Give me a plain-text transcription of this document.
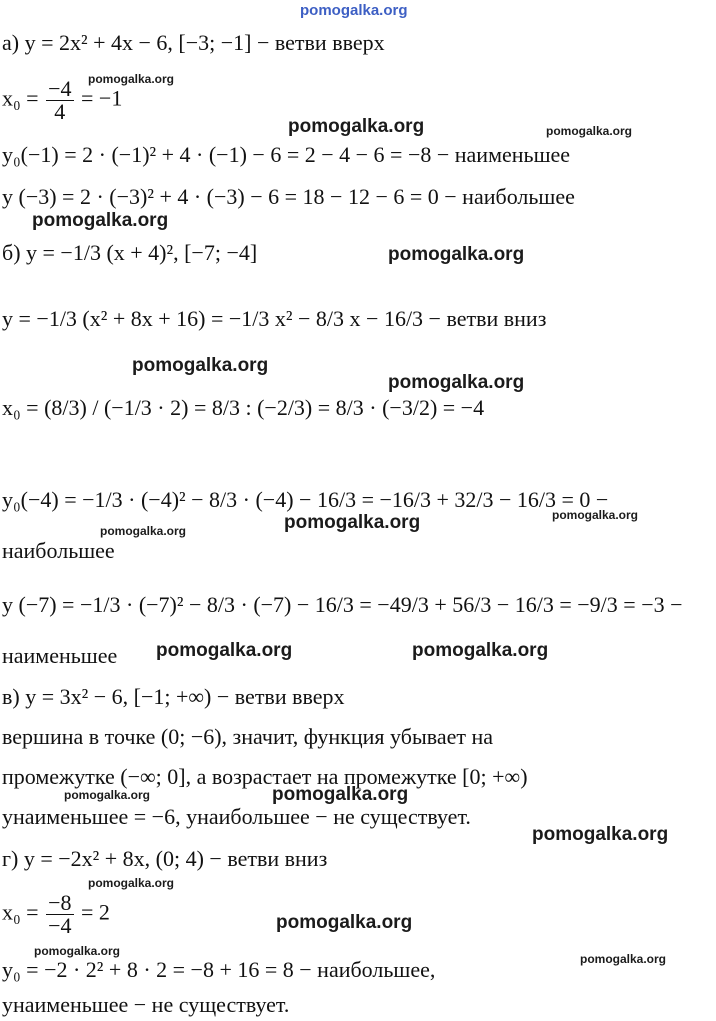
а) y = 2x² + 4x − 6, [−3; −1] − ветви вверх
$x_0 = \frac{-4}{4} = -1$
y₀(−1) = 2 · (−1)² + 4 · (−1) − 6 = 2 − 4 − 6 = −8 − наименьшее
y (−3) = 2 · (−3)² + 4 · (−3) − 6 = 18 − 12 − 6 = 0 − наибольшее
б) y = −1/3 (x + 4)², [−7; −4]
y = −1/3 (x² + 8x + 16) = −1/3 x² − 8/3 x − 16/3 − ветви вниз
x₀ = (8/3) / (−1/3 · 2) = 8/3 : (−2/3) = 8/3 · (−3/2) = −4
y₀(−4) = −1/3 · (−4)² − 8/3 · (−4) − 16/3 = −16/3 + 32/3 − 16/3 = 0 −
наибольшее
y (−7) = −1/3 · (−7)² − 8/3 · (−7) − 16/3 = −49/3 + 56/3 − 16/3 = −9/3 = −3 −
наименьшее
в) y = 3x² − 6, [−1; +∞) − ветви вверх
вершина в точке (0; −6), значит, функция убывает на
промежутке (−∞; 0], а возрастает на промежутке [0; +∞)
yнаименьшее = −6, yнаибольшее − не существует.
г) y = −2x² + 8x, (0; 4) − ветви вниз
$x_0 = \frac{-8}{-4} = 2$
y₀ = −2 · 2² + 8 · 2 = −8 + 16 = 8 − наибольшее,
yнаименьшее − не существует.
pomogalka.org
pomogalka.org
pomogalka.org	pomogalka.org
pomogalka.org
pomogalka.org
pomogalka.org
pomogalka.org
pomogalka.org	pomogalka.org
pomogalka.org
pomogalka.org	pomogalka.org
pomogalka.org	pomogalka.org
pomogalka.org
pomogalka.org
pomogalka.org
pomogalka.org
pomogalka.org
